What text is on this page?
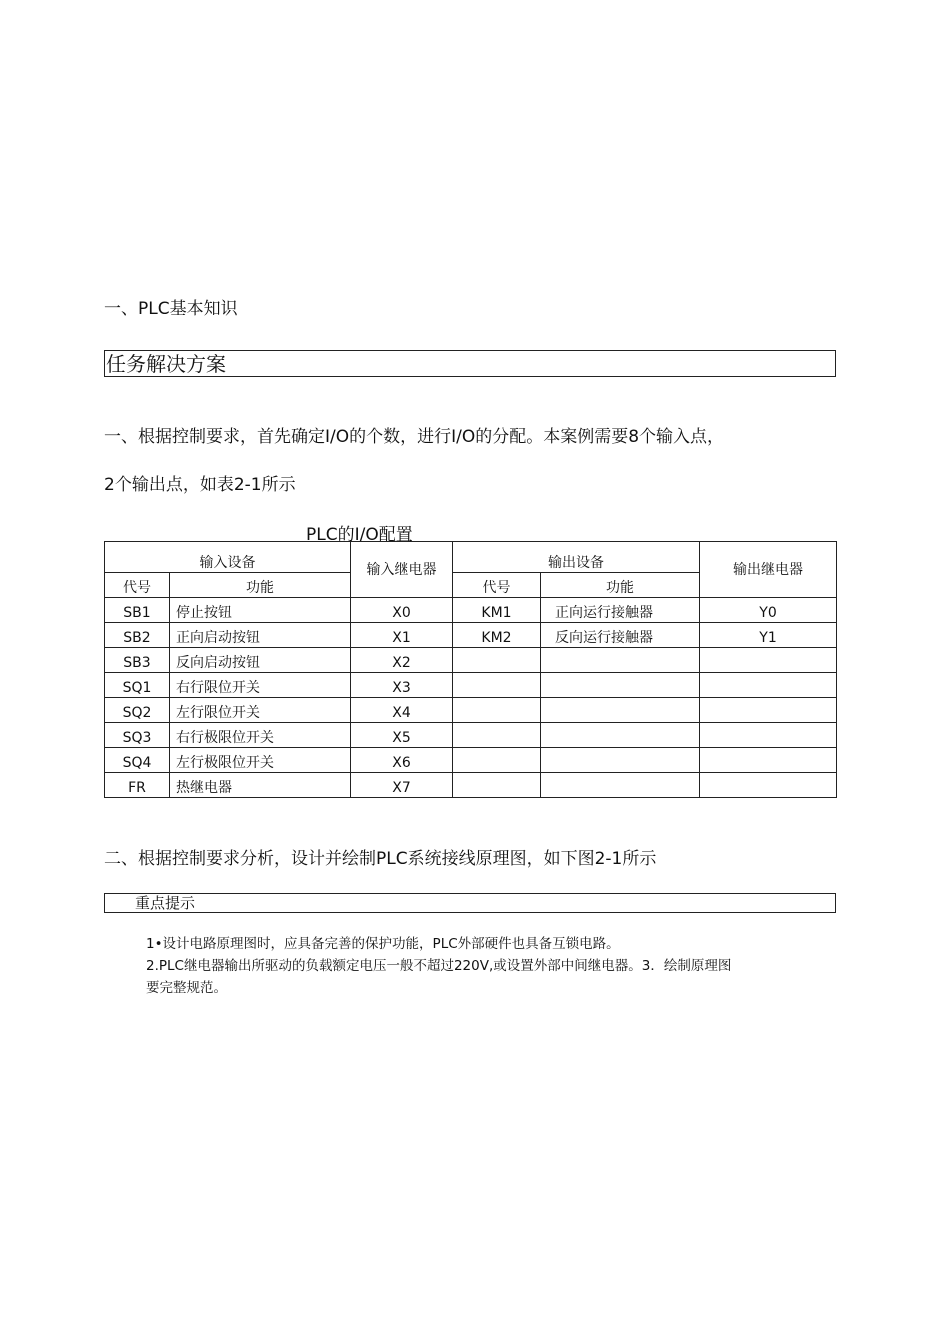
一、PLC基本知识
任务解决方案
一、根据控制要求，首先确定I/O的个数，进行I/O的分配。本案例需要8个输入点，
2个输出点，如表2-1所示
PLC的I/O配置
输入设备		输入继电器	输出设备		输出继电器
代号	功能		代号	功能	
SB1	停止按钮	X0	KM1	正向运行接触器	Y0
SB2	正向启动按钮	X1	KM2	反向运行接触器	Y1
SB3	反向启动按钮	X2			
SQ1	右行限位开关	X3			
SQ2	左行限位开关	X4			
SQ3	右行极限位开关	X5			
SQ4	左行极限位开关	X6			
FR	热继电器	X7			
二、根据控制要求分析，设计并绘制PLC系统接线原理图，如下图2-1所示
重点提示
1•设计电路原理图时，应具备完善的保护功能，PLC外部硬件也具备互锁电路。
2.PLC继电器输出所驱动的负载额定电压一般不超过220V,或设置外部中间继电器。3．绘制原理图
要完整规范。
